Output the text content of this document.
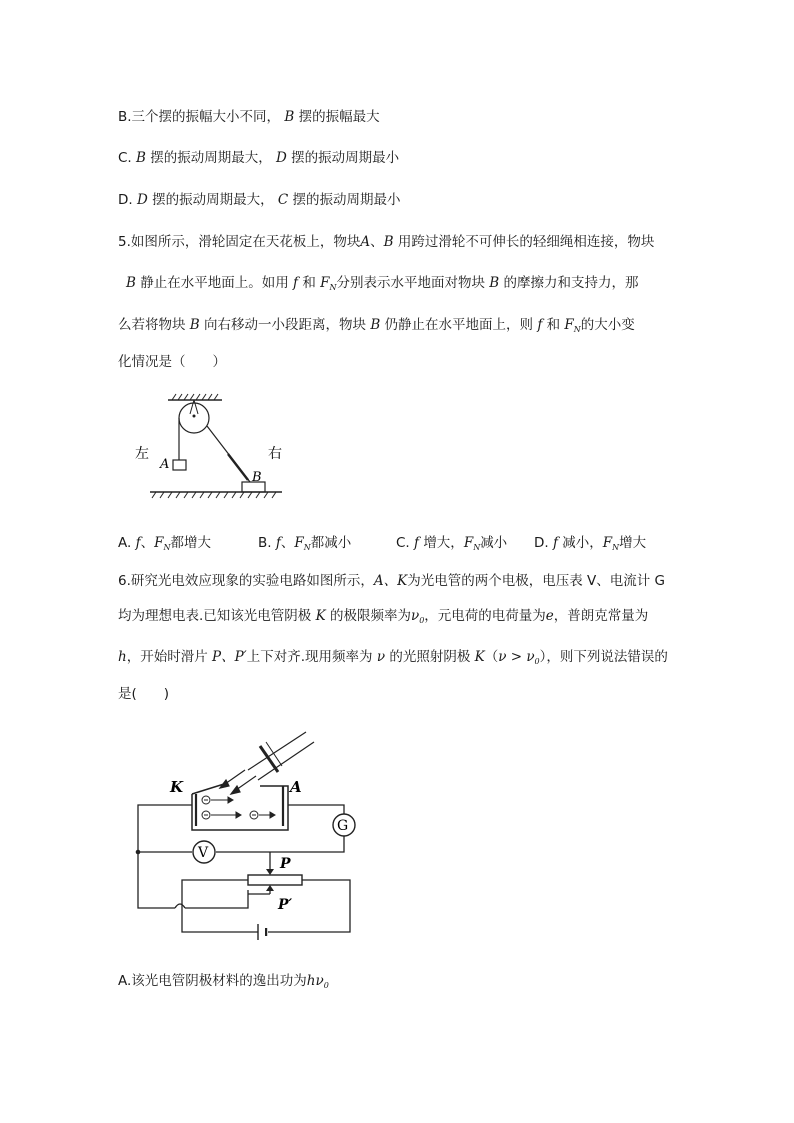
B.三个摆的振幅大小不同， B 摆的振幅最大
C. B 摆的振动周期最大， D 摆的振动周期最小
D. D 摆的振动周期最大， C 摆的振动周期最小
5.如图所示，滑轮固定在天花板上，物块A、B 用跨过滑轮不可伸长的轻细绳相连接，物块
B 静止在水平地面上。如用 f 和 $F_N$分别表示水平地面对物块 B 的摩擦力和支持力，那
么若将物块 B 向右移动一小段距离，物块 B 仍静止在水平地面上，则 f 和 $F_N$的大小变
化情况是（　　）
A
B
左	右
A. f、$F_N$都增大	B. f、$F_N$都减小	C. f 增大，$F_N$减小 D. f 减小，$F_N$增大
6.研究光电效应现象的实验电路如图所示，A、K为光电管的两个电极，电压表 V、电流计 G
均为理想电表.已知该光电管阴极 K 的极限频率为$\nu_0$，元电荷的电荷量为e，普朗克常量为
h，开始时滑片 P、P′上下对齐.现用频率为 ν 的光照射阴极 $K(\nu > \nu_0)$，则下列说法错误的
是(　　)
K	A
G
V
P
P′
A.该光电管阴极材料的逸出功为$h\nu_0$
